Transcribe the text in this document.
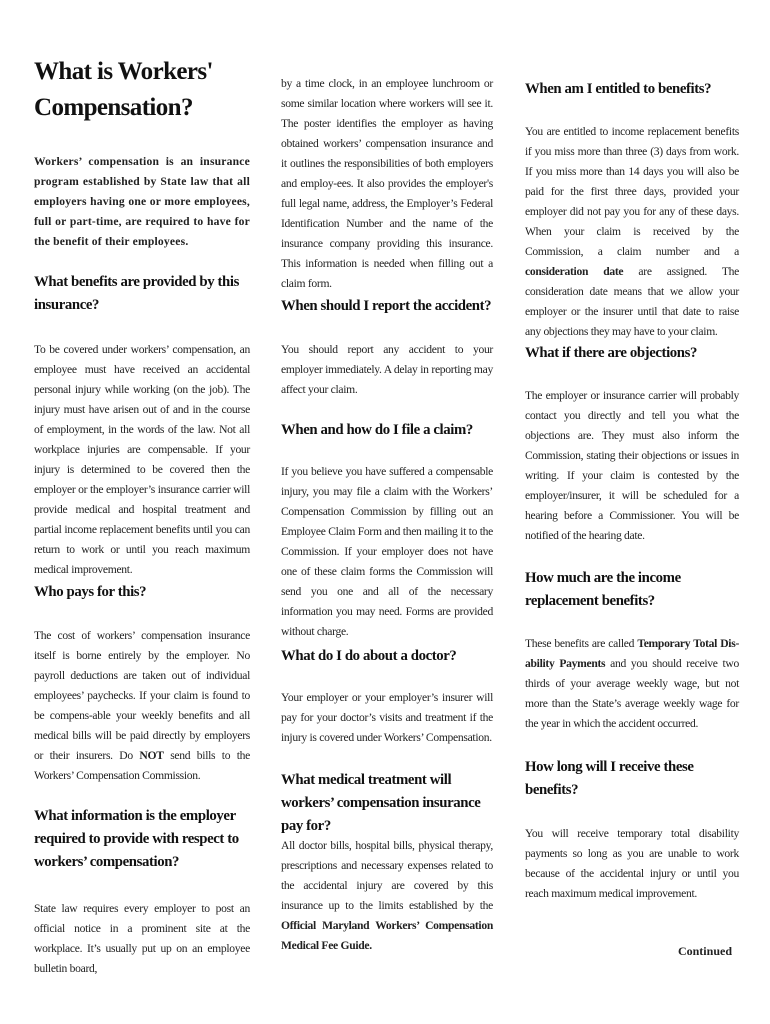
What is Workers'
Compensation?

Workers’ compensation is an insurance program established by State law that all employers having one or more employees, full or part-time, are required to have for the benefit of their employees.

What benefits are provided by this insurance?

To be covered under workers’ compensation, an employee must have received an accidental personal injury while working (on the job). The injury must have arisen out of and in the course of employment, in the words of the law. Not all workplace injuries are compensable. If your injury is determined to be covered then the employer or the employer’s insurance carrier will provide medical and hospital treatment and partial income replacement benefits until you can return to work or until you reach maximum medical improvement.

Who pays for this?

The cost of workers’ compensation insurance itself is borne entirely by the employer. No payroll deductions are taken out of individual employees’ paychecks. If your claim is found to be compens-able your weekly benefits and all medical bills will be paid directly by employers or their insurers. Do NOT send bills to the Workers’ Compensation Commission.

What information is the employer required to provide with respect to workers’ compensation?

State law requires every employer to post an official notice in a prominent site at the workplace. It’s usually put up on an employee bulletin board,

by a time clock, in an employee lunchroom or some similar location where workers will see it. The poster identifies the employer as having obtained workers’ compensation insurance and it outlines the responsibilities of both employers and employ-ees. It also provides the employer's full legal name, address, the Employer’s Federal Identification Number and the name of the insurance company providing this insurance. This information is needed when filling out a claim form.

When should I report the accident?

You should report any accident to your employer immediately. A delay in reporting may affect your claim.

When and how do I file a claim?

If you believe you have suffered a compensable injury, you may file a claim with the Workers’ Compensation Commission by filling out an Employee Claim Form and then mailing it to the Commission. If your employer does not have one of these claim forms the Commission will send you one and all of the necessary information you may need. Forms are provided without charge.

What do I do about a doctor?

Your employer or your employer’s insurer will pay for your doctor’s visits and treatment if the injury is covered under Workers’ Compensation.

What medical treatment will workers’ compensation insurance pay for?

All doctor bills, hospital bills, physical therapy, prescriptions and necessary expenses related to the accidental injury are covered by this insurance up to the limits established by the Official Maryland Workers’ Compensation Medical Fee Guide.

When am I entitled to benefits?

You are entitled to income replacement benefits if you miss more than three (3) days from work. If you miss more than 14 days you will also be paid for the first three days, provided your employer did not pay you for any of these days. When your claim is received by the Commission, a claim number and a consideration date are assigned. The consideration date means that we allow your employer or the insurer until that date to raise any objections they may have to your claim.

What if there are objections?

The employer or insurance carrier will probably contact you directly and tell you what the objections are. They must also inform the Commission, stating their objections or issues in writing. If your claim is contested by the employer/insurer, it will be scheduled for a hearing before a Commissioner. You will be notified of the hearing date.

How much are the income replacement benefits?

These benefits are called Temporary Total Dis-ability Payments and you should receive two thirds of your average weekly wage, but not more than the State’s average weekly wage for the year in which the accident occurred.

How long will I receive these benefits?

You will receive temporary total disability payments so long as you are unable to work because of the accidental injury or until you reach maximum medical improvement.

Continued
